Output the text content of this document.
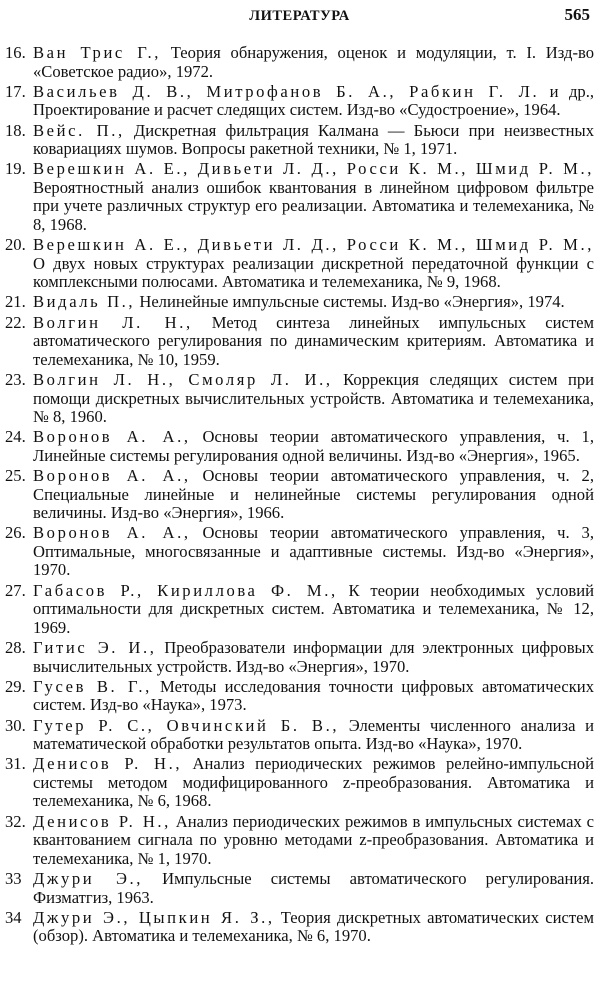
ЛИТЕРАТУРА	565
16. Ван Трис Г., Теория обнаружения, оценок и модуляции, т. I. Изд-во «Советское радио», 1972.
17. Васильев Д. В., Митрофанов Б. А., Рабкин Г. Л. и др., Проектирование и расчет следящих систем. Изд-во «Судостроение», 1964.
18. Вейс. П., Дискретная фильтрация Калмана — Бьюси при неизвестных ковариациях шумов. Вопросы ракетной техники, № 1, 1971.
19. Верешкин А. Е., Дивьети Л. Д., Росси К. М., Шмид Р. М., Вероятностный анализ ошибок квантования в линейном цифровом фильтре при учете различных структур его реализации. Автоматика и телемеханика, № 8, 1968.
20. Верешкин А. Е., Дивьети Л. Д., Росси К. М., Шмид Р. М., О двух новых структурах реализации дискретной передаточной функции с комплексными полюсами. Автоматика и телемеханика, № 9, 1968.
21. Видаль П., Нелинейные импульсные системы. Изд-во «Энергия», 1974.
22. Волгин Л. Н., Метод синтеза линейных импульсных систем автоматического регулирования по динамическим критериям. Автоматика и телемеханика, № 10, 1959.
23. Волгин Л. Н., Смоляр Л. И., Коррекция следящих систем при помощи дискретных вычислительных устройств. Автоматика и телемеханика, № 8, 1960.
24. Воронов А. А., Основы теории автоматического управления, ч. 1, Линейные системы регулирования одной величины. Изд-во «Энергия», 1965.
25. Воронов А. А., Основы теории автоматического управления, ч. 2, Специальные линейные и нелинейные системы регулирования одной величины. Изд-во «Энергия», 1966.
26. Воронов А. А., Основы теории автоматического управления, ч. 3, Оптимальные, многосвязанные и адаптивные системы. Изд-во «Энергия», 1970.
27. Габасов Р., Кириллова Ф. М., К теории необходимых условий оптимальности для дискретных систем. Автоматика и телемеханика, № 12, 1969.
28. Гитис Э. И., Преобразователи информации для электронных цифровых вычислительных устройств. Изд-во «Энергия», 1970.
29. Гусев В. Г., Методы исследования точности цифровых автоматических систем. Изд-во «Наука», 1973.
30. Гутер Р. С., Овчинский Б. В., Элементы численного анализа и математической обработки результатов опыта. Изд-во «Наука», 1970.
31. Денисов Р. Н., Анализ периодических режимов релейно-импульсной системы методом модифицированного z-преобразования. Автоматика и телемеханика, № 6, 1968.
32. Денисов Р. Н., Анализ периодических режимов в импульсных системах с квантованием сигнала по уровню методами z-преобразования. Автоматика и телемеханика, № 1, 1970.
33 Джури Э., Импульсные системы автоматического регулирования. Физматгиз, 1963.
34 Джури Э., Цыпкин Я. З., Теория дискретных автоматических систем (обзор). Автоматика и телемеханика, № 6, 1970.
